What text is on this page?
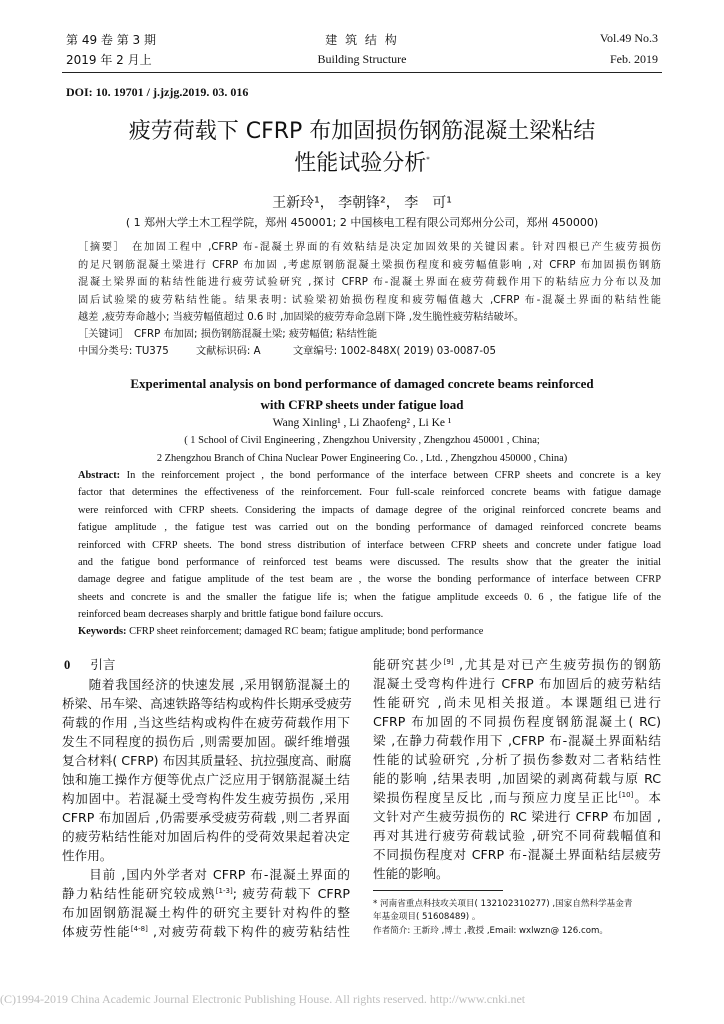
第 49 卷 第 3 期
2019 年 2 月上
建 筑 结 构
Building Structure
Vol.49 No.3
Feb. 2019
DOI: 10. 19701 / j.jzjg.2019. 03. 016
疲劳荷载下 CFRP 布加固损伤钢筋混凝土梁粘结
性能试验分析*
王新玲¹， 李朝锋²， 李　可¹
( 1 郑州大学土木工程学院，郑州 450001; 2 中国核电工程有限公司郑州分公司，郑州 450000)
［摘要］　在加固工程中 ,CFRP 布-混凝土界面的有效粘结是决定加固效果的关键因素。针对四根已产生疲劳损伤
的足尺钢筋混凝土梁进行 CFRP 布加固 ,考虑原钢筋混凝土梁损伤程度和疲劳幅值影响 ,对 CFRP 布加固损伤钢筋
混凝土梁界面的粘结性能进行疲劳试验研究 ,探讨 CFRP 布-混凝土界面在疲劳荷载作用下的粘结应力分布以及加
固后试验梁的疲劳粘结性能。结果表明: 试验梁初始损伤程度和疲劳幅值越大 ,CFRP 布-混凝土界面的粘结性能
越差 ,疲劳寿命越小; 当疲劳幅值超过 0.6 时 ,加固梁的疲劳寿命急剧下降 ,发生脆性疲劳粘结破坏。
［关键词］　CFRP 布加固; 损伤钢筋混凝土梁; 疲劳幅值; 粘结性能
中国分类号: TU375	文献标识码: A	文章编号: 1002-848X( 2019) 03-0087-05
Experimental analysis on bond performance of damaged concrete beams reinforced
with CFRP sheets under fatigue load
Wang Xinling¹ , Li Zhaofeng² , Li Ke ¹
( 1 School of Civil Engineering , Zhengzhou University , Zhengzhou 450001 , China;
2 Zhengzhou Branch of China Nuclear Power Engineering Co. , Ltd. , Zhengzhou 450000 , China)
Abstract: In the reinforcement project , the bond performance of the interface between CFRP sheets and concrete is a key
factor that determines the effectiveness of the reinforcement. Four full-scale reinforced concrete beams with fatigue damage
were reinforced with CFRP sheets. Considering the impacts of damage degree of the original reinforced concrete beams and
fatigue amplitude , the fatigue test was carried out on the bonding performance of damaged reinforced concrete beams
reinforced with CFRP sheets. The bond stress distribution of interface between CFRP sheets and concrete under fatigue load
and the fatigue bond performance of reinforced test beams were discussed. The results show that the greater the initial
damage degree and fatigue amplitude of the test beam are , the worse the bonding performance of interface between CFRP
sheets and concrete is and the smaller the fatigue life is; when the fatigue amplitude exceeds 0. 6 , the fatigue life of the
reinforced beam decreases sharply and brittle fatigue bond failure occurs.
Keywords: CFRP sheet reinforcement; damaged RC beam; fatigue amplitude; bond performance
0 引言
　　随着我国经济的快速发展 ,采用钢筋混凝土的
桥梁、吊车梁、高速铁路等结构或构件长期承受疲劳
荷载的作用 ,当这些结构或构件在疲劳荷载作用下
发生不同程度的损伤后 ,则需要加固。碳纤维增强
复合材料( CFRP) 布因其质量轻、抗拉强度高、耐腐
蚀和施工操作方便等优点广泛应用于钢筋混凝土结
构加固中。若混凝土受弯构件发生疲劳损伤 ,采用
CFRP 布加固后 ,仍需要承受疲劳荷载 ,则二者界面
的疲劳粘结性能对加固后构件的受荷效果起着决定
性作用。
　　目前 ,国内外学者对 CFRP 布-混凝土界面的
静力粘结性能研究较成熟[1-3]; 疲劳荷载下 CFRP
布加固钢筋混凝土构件的研究主要针对构件的整
体疲劳性能[4-8] ,对疲劳荷载下构件的疲劳粘结性
能研究甚少[9] ,尤其是对已产生疲劳损伤的钢筋
混凝土受弯构件进行 CFRP 布加固后的疲劳粘结
性能研究 ,尚未见相关报道。本课题组已进行
CFRP 布加固的不同损伤程度钢筋混凝土( RC)
梁 ,在静力荷载作用下 ,CFRP 布-混凝土界面粘结
性能的试验研究 ,分析了损伤参数对二者粘结性
能的影响 ,结果表明 ,加固梁的剥离荷载与原 RC
梁损伤程度呈反比 ,而与预应力度呈正比[10]。本
文针对产生疲劳损伤的 RC 梁进行 CFRP 布加固 ,
再对其进行疲劳荷载试验 ,研究不同荷载幅值和
不同损伤程度对 CFRP 布-混凝土界面粘结层疲劳
性能的影响。
* 河南省重点科技攻关项目( 132102310277) ,国家自然科学基金青
年基金项目( 51608489) 。
作者简介: 王新玲 ,博士 ,教授 ,Email: wxlwzn@ 126.com。
(C)1994-2019 China Academic Journal Electronic Publishing House. All rights reserved. http://www.cnki.net
